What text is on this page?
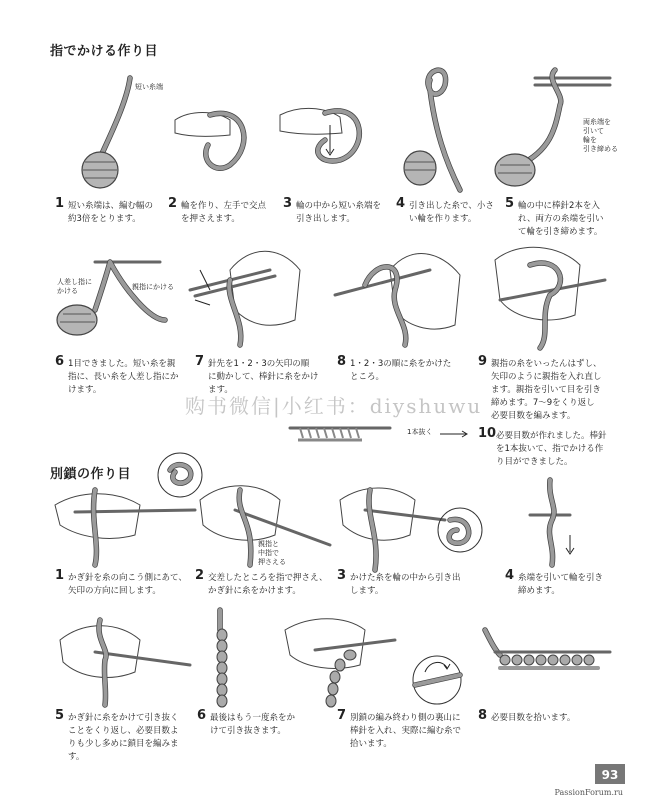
指でかける作り目
別鎖の作り目
短い糸端
両糸端を
引いて
輪を
引き締める
1 短い糸端は、編む幅の
約3倍をとります。
2 輪を作り、左手で交点
を押さえます。
3 輪の中から短い糸端を
引き出します。
4 引き出した糸で、小さ
い輪を作ります。
5 輪の中に棒針2本を入
れ、両方の糸端を引い
て輪を引き締めます。
人差し指に
かける	親指にかける
6 1目できました。短い糸を親
指に、長い糸を人差し指にか
けます。
7 針先を1・2・3の矢印の順
に動かして、棒針に糸をかけ
ます。
8 1・2・3の順に糸をかけた
ところ。
9 親指の糸をいったんはずし、
矢印のように親指を入れ直し
ます。親指を引いて目を引き
締めます。7〜9をくり返し
必要目数を編みます。
1本抜く	10 必要目数が作れました。棒針
を1本抜いて、指でかける作
り目ができました。
购书微信|小红书：diyshuwu
親指と
中指で
押さえる
1 かぎ針を糸の向こう側にあて、
矢印の方向に回します。
2 交差したところを指で押さえ、
かぎ針に糸をかけます。
3 かけた糸を輪の中から引き出
します。
4 糸端を引いて輪を引き
締めます。
5 かぎ針に糸をかけて引き抜く
ことをくり返し、必要目数よ
りも少し多めに鎖目を編みま
す。
6 最後はもう一度糸をか
けて引き抜きます。
7 別鎖の編み終わり側の裏山に
棒針を入れ、実際に編む糸で
拾います。
8 必要目数を拾います。
93
PassionForum.ru
